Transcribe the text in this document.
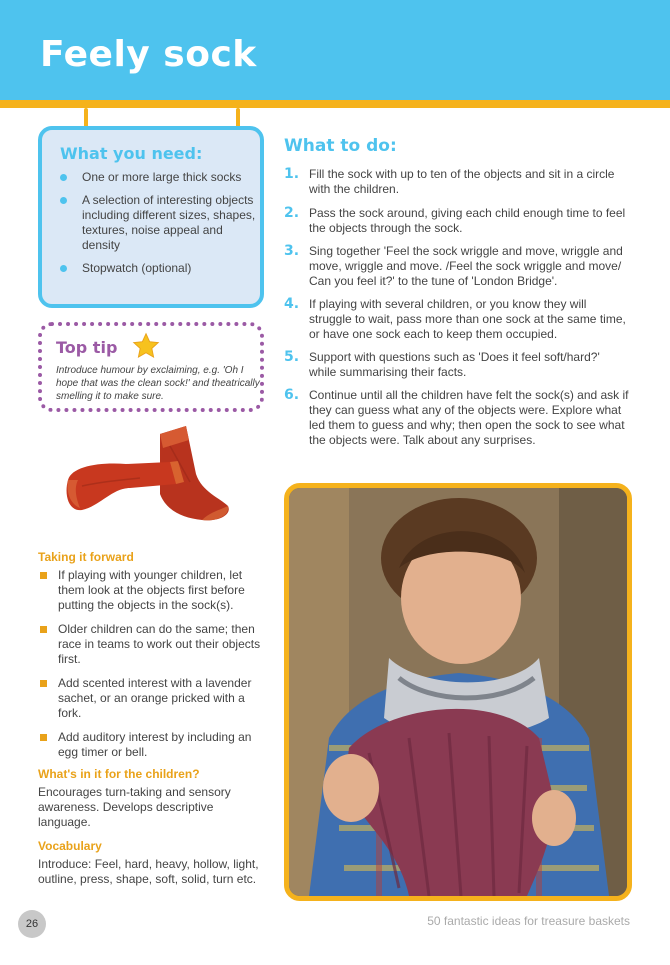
Feely sock
What you need:
One or more large thick socks
A selection of interesting objects including different sizes, shapes, textures, noise appeal and density
Stopwatch (optional)
Top tip
Introduce humour by exclaiming, e.g. 'Oh I hope that was the clean sock!' and theatrically smelling it to make sure.
Taking it forward
If playing with younger children, let them look at the objects first before putting the objects in the sock(s).
Older children can do the same; then race in teams to work out their objects first.
Add scented interest with a lavender sachet, or an orange pricked with a fork.
Add auditory interest by including an egg timer or bell.
What's in it for the children?
Encourages turn-taking and sensory awareness. Develops descriptive language.
Vocabulary
Introduce: Feel, hard, heavy, hollow, light, outline, press, shape, soft, solid, turn etc.
What to do:
1. Fill the sock with up to ten of the objects and sit in a circle with the children.
2. Pass the sock around, giving each child enough time to feel the objects through the sock.
3. Sing together 'Feel the sock wriggle and move, wriggle and move, wriggle and move. /Feel the sock wriggle and move/ Can you feel it?' to the tune of 'London Bridge'.
4. If playing with several children, or you know they will struggle to wait, pass more than one sock at the same time, or have one sock each to keep them occupied.
5. Support with questions such as 'Does it feel soft/hard?' while summarising their facts.
6. Continue until all the children have felt the sock(s) and ask if they can guess what any of the objects were. Explore what led them to guess and why; then open the sock to see what the objects were. Talk about any surprises.
26	50 fantastic ideas for treasure baskets
